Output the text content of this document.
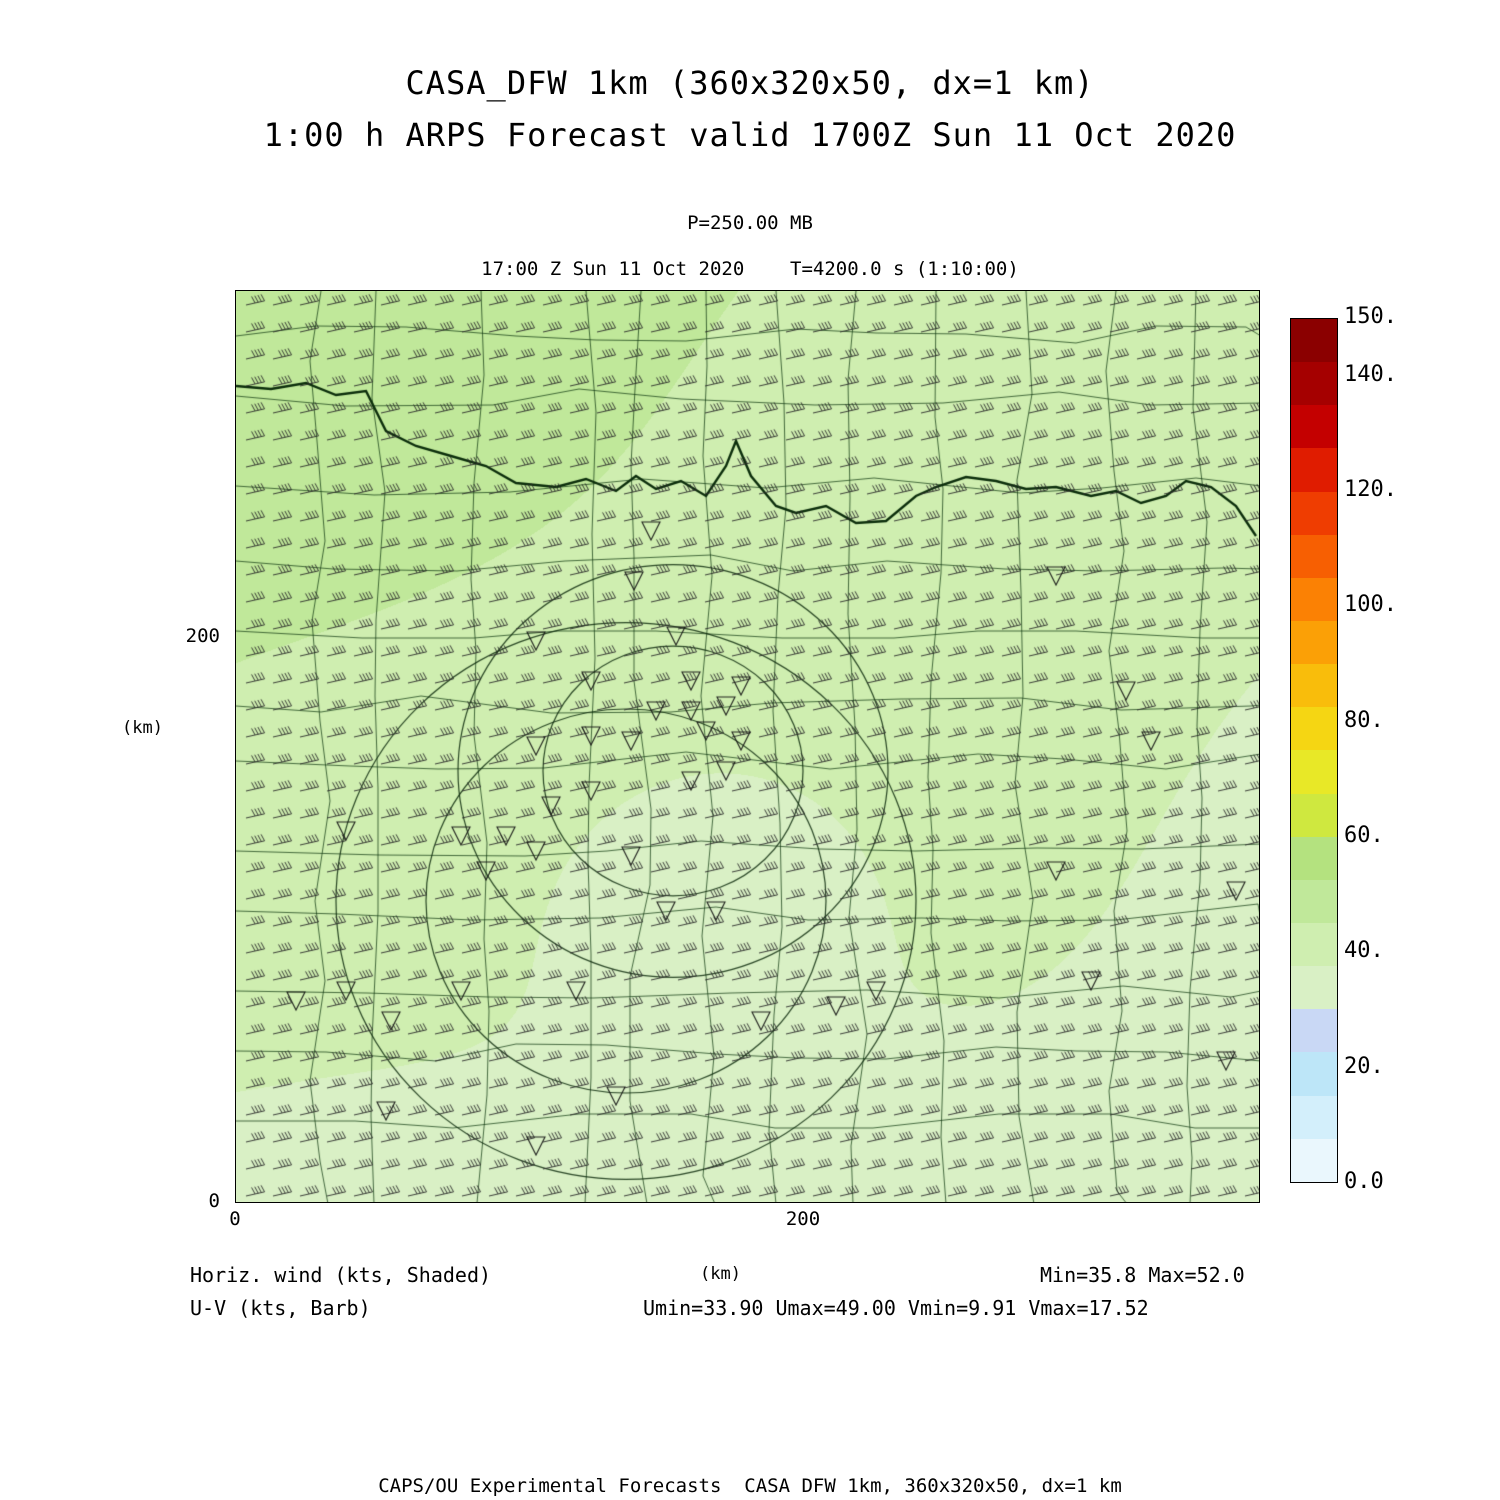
CASA_DFW 1km (360x320x50, dx=1 km)
1:00 h ARPS Forecast valid 1700Z Sun 11 Oct 2020
P=250.00 MB
17:00 Z Sun 11 Oct 2020    T=4200.0 s (1:10:00)
200
0
0	200
(km)
(km)
0.0
20.
40.
60.
80.
100.
120.
140.
150.
Horiz. wind (kts, Shaded)
U-V (kts, Barb)
Min=35.8 Max=52.0
Umin=33.90 Umax=49.00 Vmin=9.91 Vmax=17.52
CAPS/OU Experimental Forecasts  CASA DFW 1km, 360x320x50, dx=1 km
